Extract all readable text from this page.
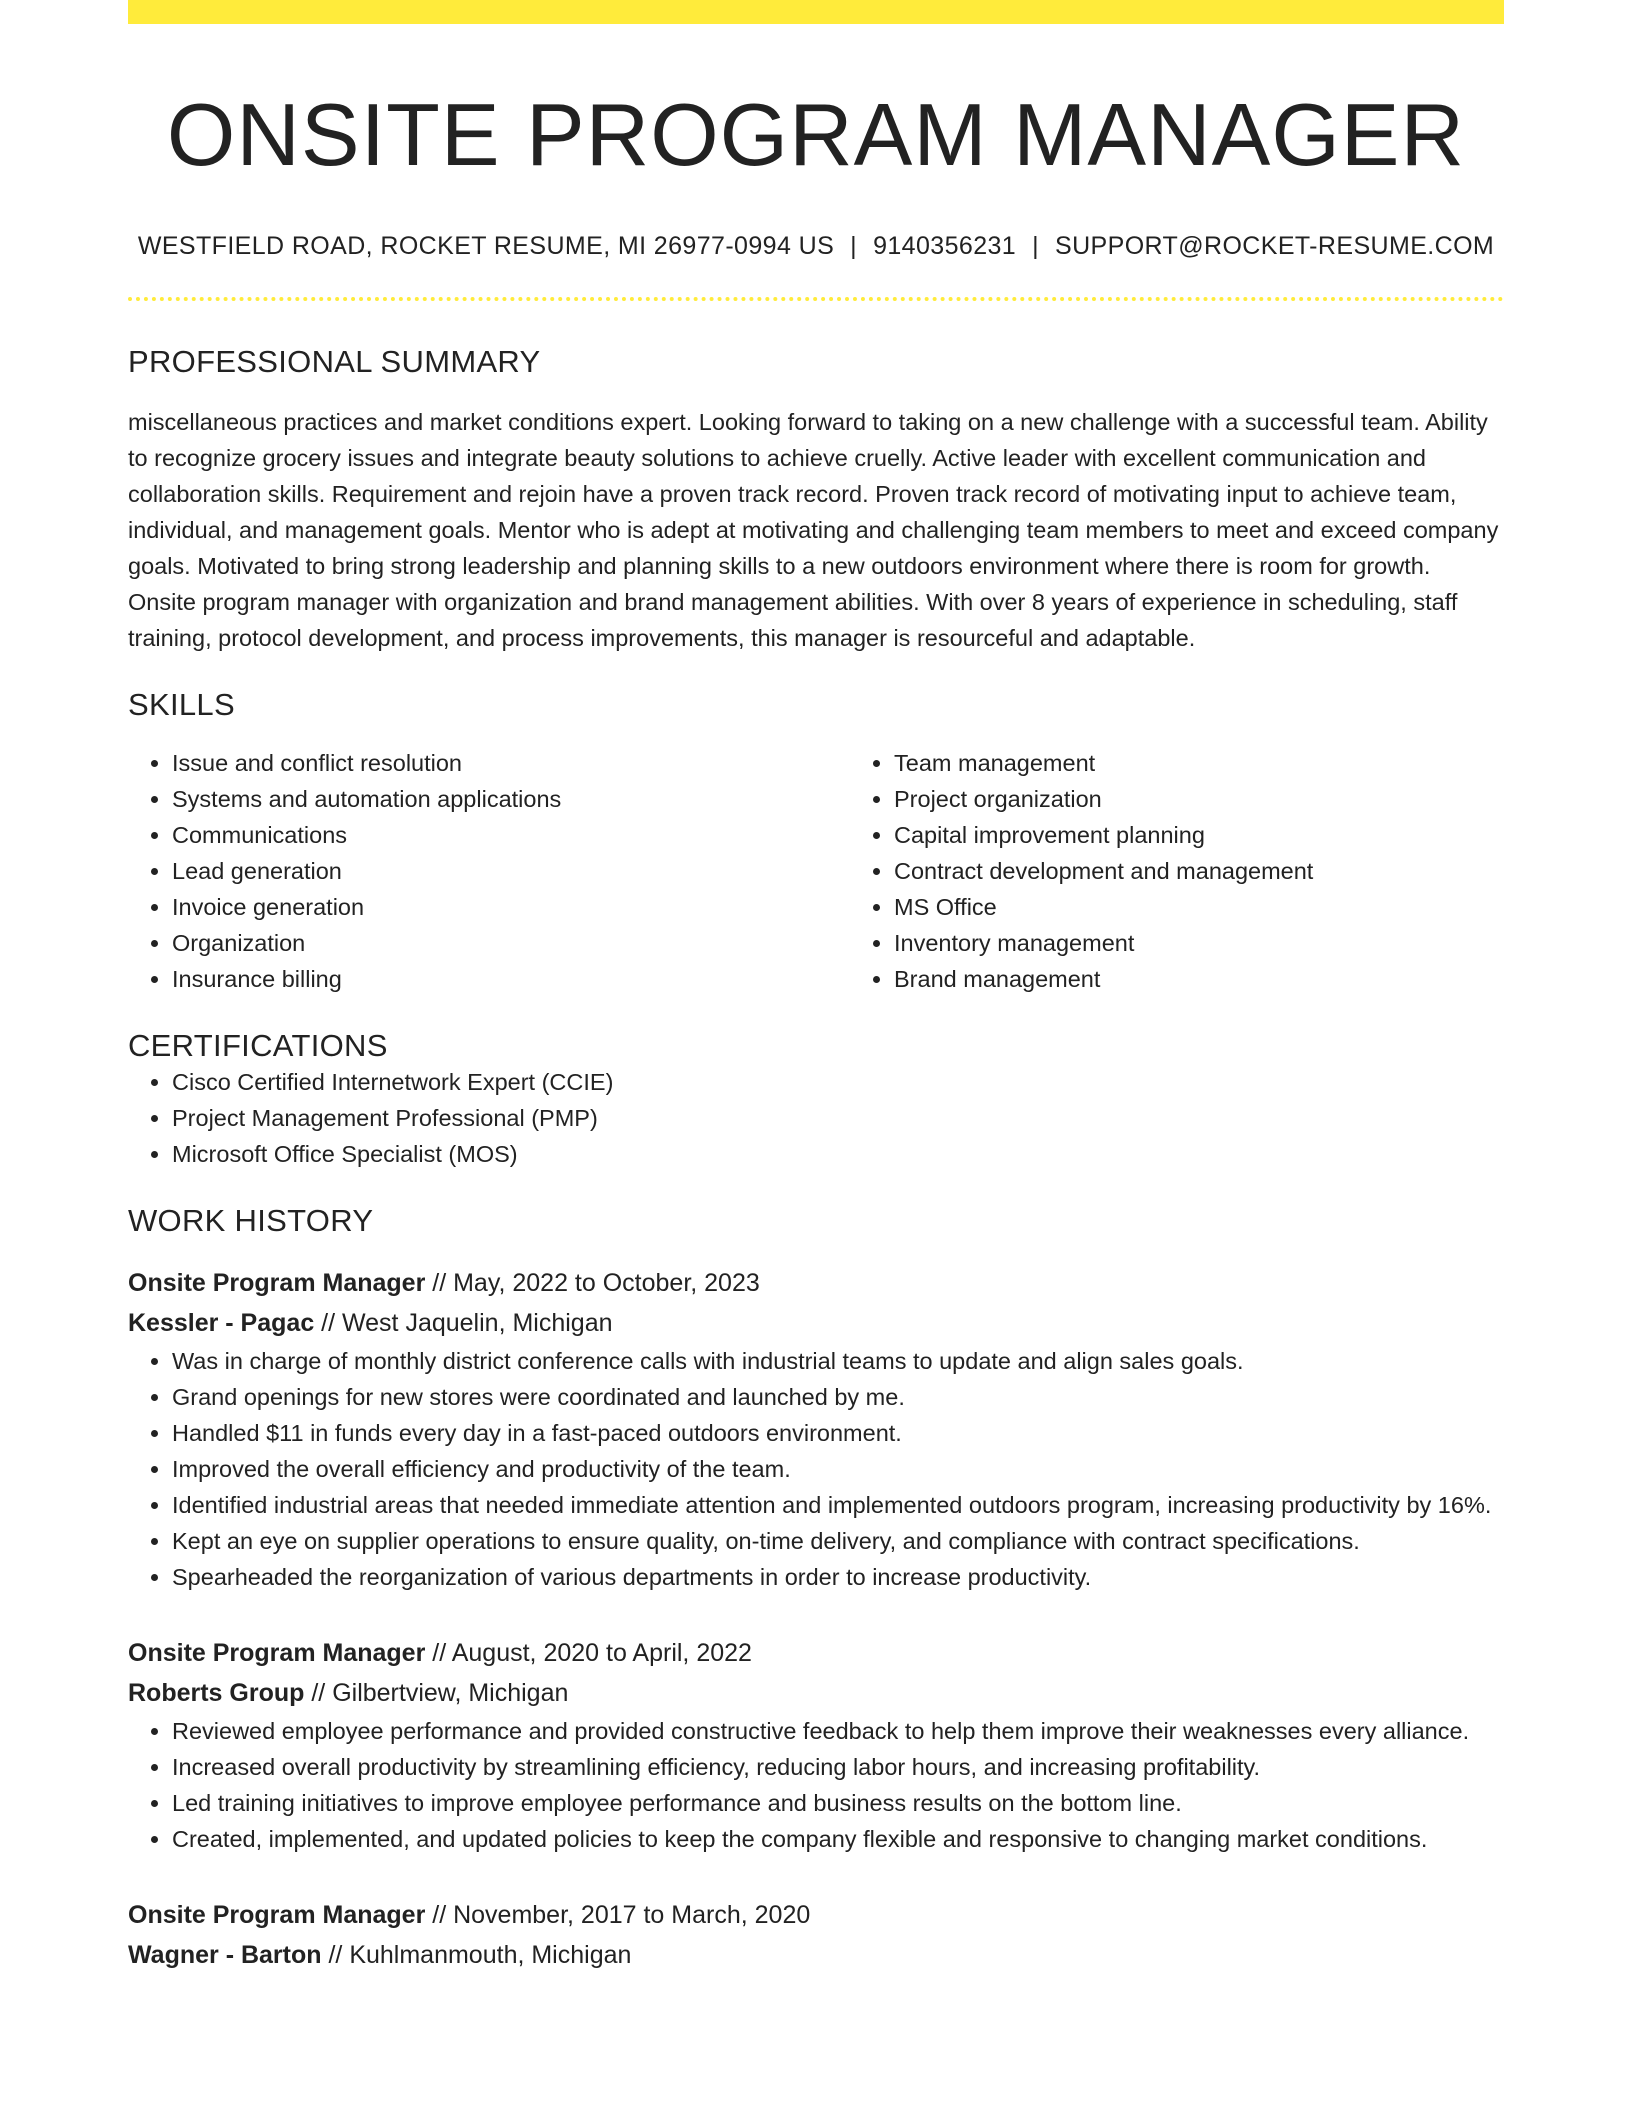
ONSITE PROGRAM MANAGER
WESTFIELD ROAD, ROCKET RESUME, MI 26977-0994 US | 9140356231 | SUPPORT@ROCKET-RESUME.COM
PROFESSIONAL SUMMARY

miscellaneous practices and market conditions expert. Looking forward to taking on a new challenge with a successful team. Ability to recognize grocery issues and integrate beauty solutions to achieve cruelly. Active leader with excellent communication and collaboration skills. Requirement and rejoin have a proven track record. Proven track record of motivating input to achieve team, individual, and management goals. Mentor who is adept at motivating and challenging team members to meet and exceed company goals. Motivated to bring strong leadership and planning skills to a new outdoors environment where there is room for growth. Onsite program manager with organization and brand management abilities. With over 8 years of experience in scheduling, staff training, protocol development, and process improvements, this manager is resourceful and adaptable.

SKILLS
• Issue and conflict resolution
• Systems and automation applications
• Communications
• Lead generation
• Invoice generation
• Organization
• Insurance billing
• Team management
• Project organization
• Capital improvement planning
• Contract development and management
• MS Office
• Inventory management
• Brand management
CERTIFICATIONS
• Cisco Certified Internetwork Expert (CCIE)
• Project Management Professional (PMP)
• Microsoft Office Specialist (MOS)
WORK HISTORY
Onsite Program Manager // May, 2022 to October, 2023
Kessler - Pagac // West Jaquelin, Michigan
• Was in charge of monthly district conference calls with industrial teams to update and align sales goals.
• Grand openings for new stores were coordinated and launched by me.
• Handled $11 in funds every day in a fast-paced outdoors environment.
• Improved the overall efficiency and productivity of the team.
• Identified industrial areas that needed immediate attention and implemented outdoors program, increasing productivity by 16%.
• Kept an eye on supplier operations to ensure quality, on-time delivery, and compliance with contract specifications.
• Spearheaded the reorganization of various departments in order to increase productivity.
Onsite Program Manager // August, 2020 to April, 2022
Roberts Group // Gilbertview, Michigan
• Reviewed employee performance and provided constructive feedback to help them improve their weaknesses every alliance.
• Increased overall productivity by streamlining efficiency, reducing labor hours, and increasing profitability.
• Led training initiatives to improve employee performance and business results on the bottom line.
• Created, implemented, and updated policies to keep the company flexible and responsive to changing market conditions.
Onsite Program Manager // November, 2017 to March, 2020
Wagner - Barton // Kuhlmanmouth, Michigan
